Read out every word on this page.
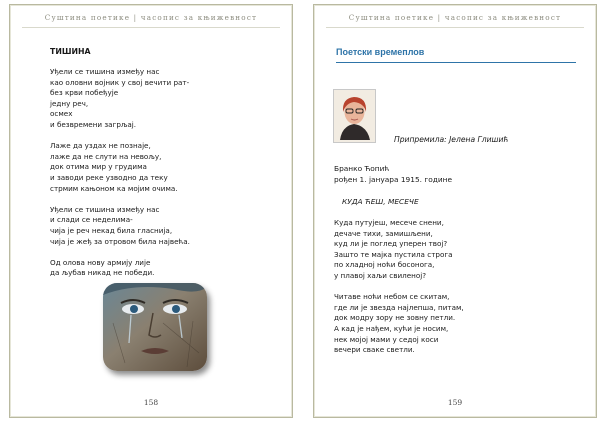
Суштина поетике | часопис за књижевност
ТИШИНА
Уђели се тишина између нас
као оловни војник у свој вечити рат-
без крви побеђује
једну реч,
осмех
и безвремени загрљај.
Лаже да уздах не познаје,
лаже да не слути на невољу,
док отима мир у грудима
и заводи реке узводно да теку
стрмим кањоном ка мојим очима.
Уђели се тишина између нас
и слади се неделима-
чија је реч некад била гласнија,
чија је жеђ за отровом била највећа.
Од олова нову армију лије
да љубав никад не победи.
158
Суштина поетике | часопис за књижевност
Поетски времеплов
Припремила: Јелена Глишић
Бранко Ћопић
рођен 1. јануара 1915. године
КУДА ЋЕШ, МЕСЕЧЕ
Куда путујеш, месече снени,
дечаче тихи, замишљени,
куд ли је поглед уперен твој?
Зашто те мајка пустила строга
по хладној ноћи босонога,
у плавој хаљи свиленој?
Читаве ноћи небом се скитам,
где ли је звезда најлепша, питам,
док модру зору не зовну петли.
А кад је нађем, кући је носим,
нек мојој мами у седој коси
вечери сваке светли.
159
